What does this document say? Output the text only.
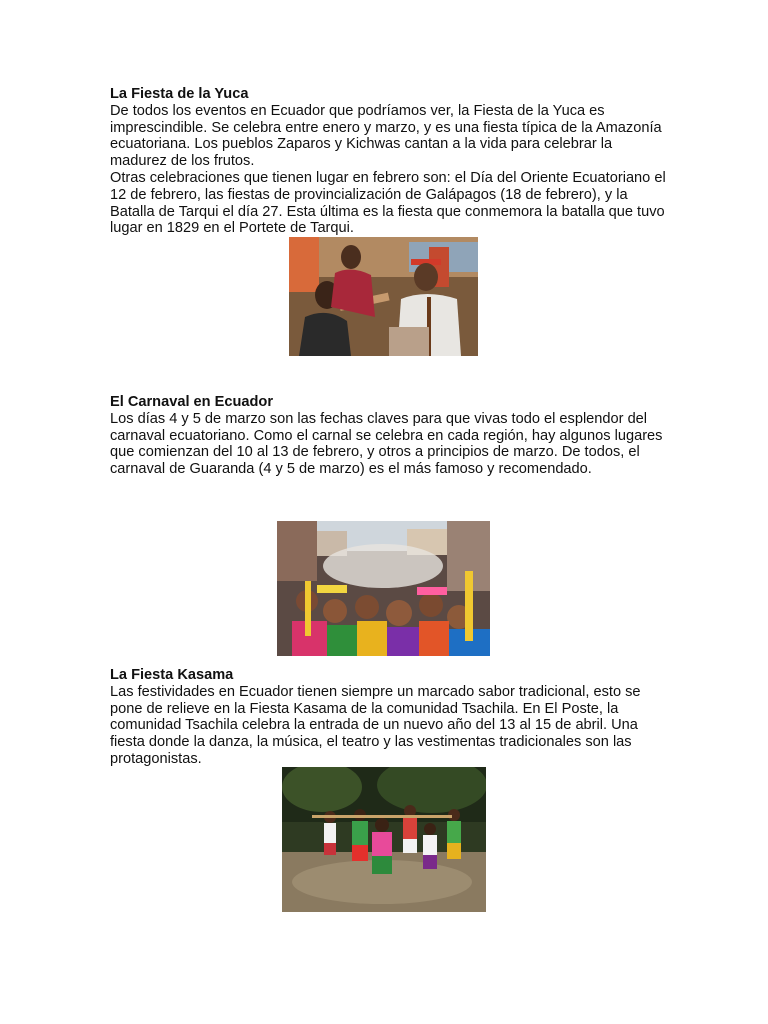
La Fiesta de la Yuca

De todos los eventos en Ecuador que podríamos ver, la Fiesta de la Yuca es imprescindible. Se celebra entre enero y marzo, y es una fiesta típica de la Amazonía ecuatoriana. Los pueblos Zaparos y Kichwas cantan a la vida para celebrar la madurez de los frutos.

Otras celebraciones que tienen lugar en febrero son: el Día del Oriente Ecuatoriano el 12 de febrero, las fiestas de provincialización de Galápagos (18 de febrero), y la Batalla de Tarqui el día 27. Esta última es la fiesta que conmemora la batalla que tuvo lugar en 1829 en el Portete de Tarqui.

El Carnaval en Ecuador

Los días 4 y 5 de marzo son las fechas claves para que vivas todo el esplendor del carnaval ecuatoriano. Como el carnal se celebra en cada región, hay algunos lugares que comienzan del 10 al 13 de febrero, y otros a principios de marzo. De todos, el carnaval de Guaranda (4 y 5 de marzo) es el más famoso y recomendado.

La Fiesta Kasama

Las festividades en Ecuador tienen siempre un marcado sabor tradicional, esto se pone de relieve en la Fiesta Kasama de la comunidad Tsachila. En El Poste, la comunidad Tsachila celebra la entrada de un nuevo año del 13 al 15 de abril. Una fiesta donde la danza, la música, el teatro y las vestimentas tradicionales son las protagonistas.
